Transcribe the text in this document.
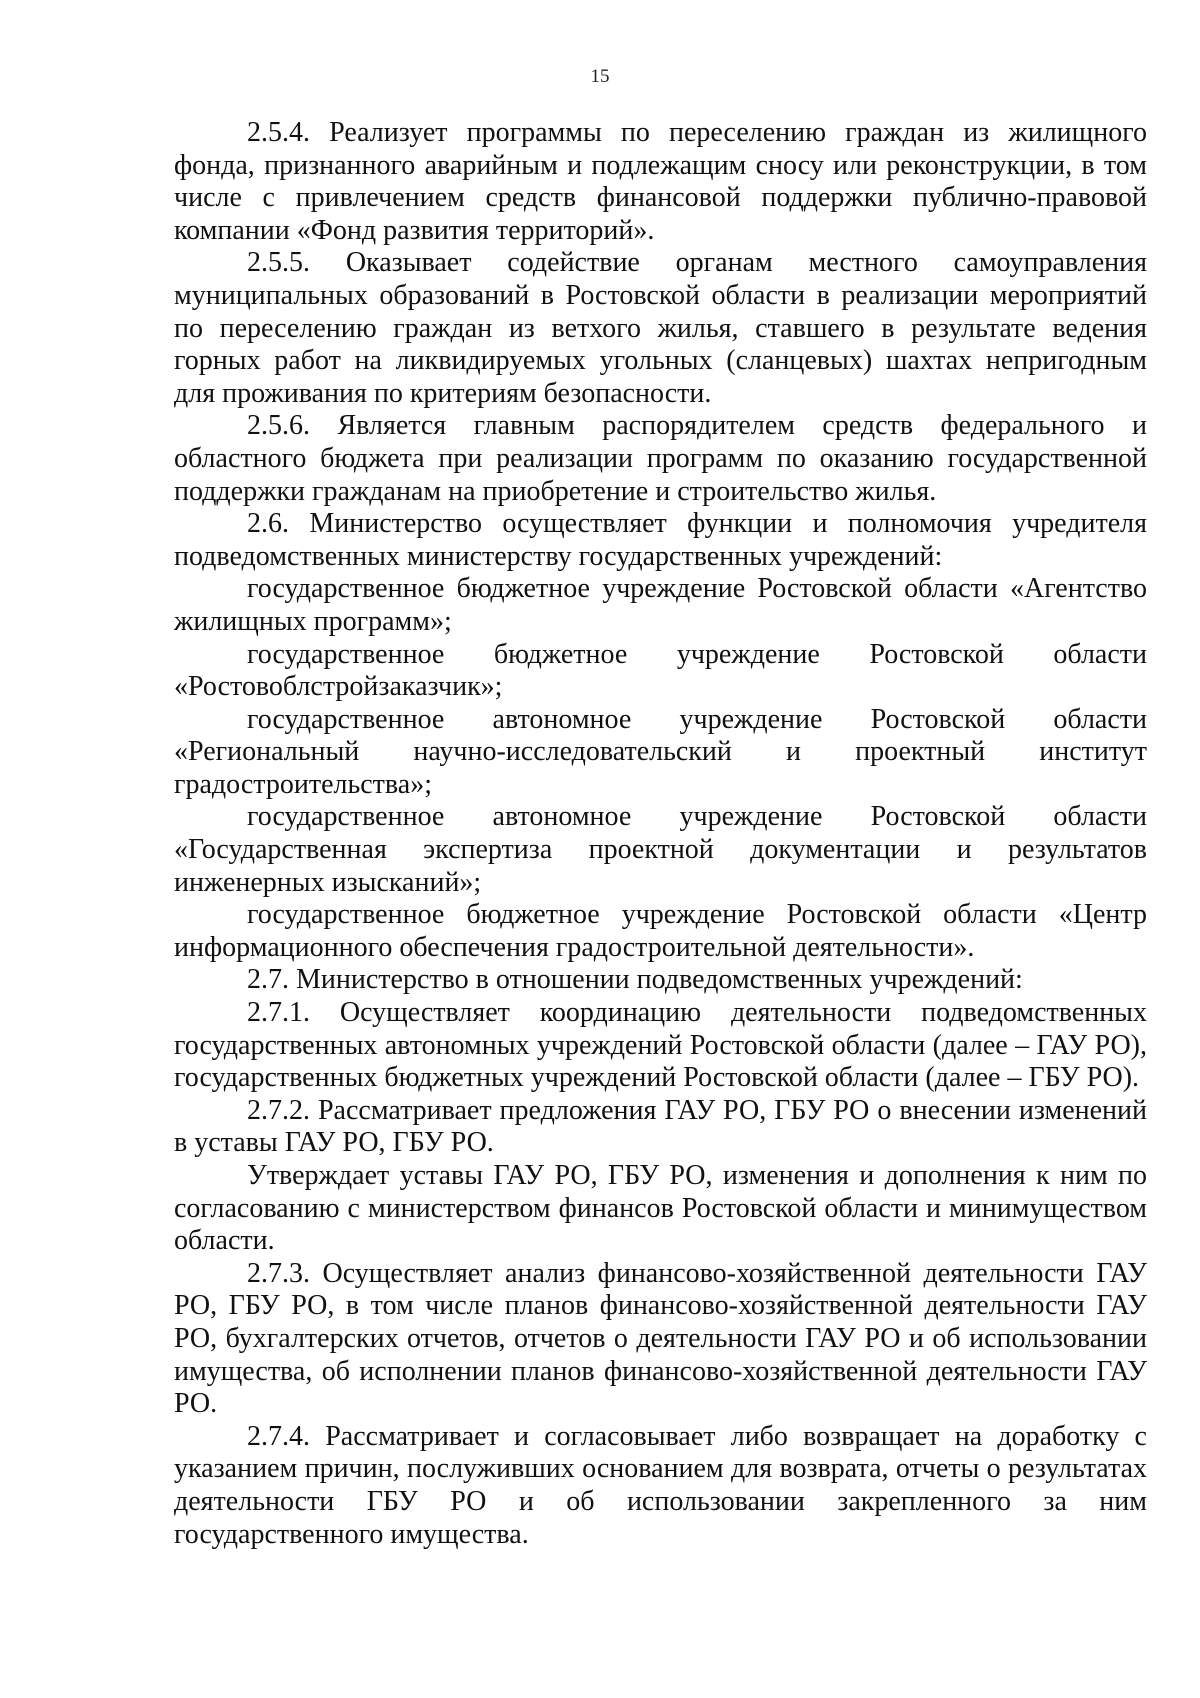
15

2.5.4. Реализует программы по переселению граждан из жилищного фонда, признанного аварийным и подлежащим сносу или реконструкции, в том числе с привлечением средств финансовой поддержки публично-правовой компании «Фонд развития территорий».

2.5.5. Оказывает содействие органам местного самоуправления муниципальных образований в Ростовской области в реализации мероприятий по переселению граждан из ветхого жилья, ставшего в результате ведения горных работ на ликвидируемых угольных (сланцевых) шахтах непригодным для проживания по критериям безопасности.

2.5.6. Является главным распорядителем средств федерального и областного бюджета при реализации программ по оказанию государственной поддержки гражданам на приобретение и строительство жилья.

2.6. Министерство осуществляет функции и полномочия учредителя подведомственных министерству государственных учреждений:

государственное бюджетное учреждение Ростовской области «Агентство жилищных программ»;

государственное бюджетное учреждение Ростовской области «Ростовоблстройзаказчик»;

государственное автономное учреждение Ростовской области «Региональный научно-исследовательский и проектный институт градостроительства»;

государственное автономное учреждение Ростовской области «Государственная экспертиза проектной документации и результатов инженерных изысканий»;

государственное бюджетное учреждение Ростовской области «Центр информационного обеспечения градостроительной деятельности».

2.7. Министерство в отношении подведомственных учреждений:

2.7.1. Осуществляет координацию деятельности подведомственных государственных автономных учреждений Ростовской области (далее – ГАУ РО), государственных бюджетных учреждений Ростовской области (далее – ГБУ РО).

2.7.2. Рассматривает предложения ГАУ РО, ГБУ РО о внесении изменений в уставы ГАУ РО, ГБУ РО.

Утверждает уставы ГАУ РО, ГБУ РО, изменения и дополнения к ним по согласованию с министерством финансов Ростовской области и минимуществом области.

2.7.3. Осуществляет анализ финансово-хозяйственной деятельности ГАУ РО, ГБУ РО, в том числе планов финансово-хозяйственной деятельности ГАУ РО, бухгалтерских отчетов, отчетов о деятельности ГАУ РО и об использовании имущества, об исполнении планов финансово-хозяйственной деятельности ГАУ РО.

2.7.4. Рассматривает и согласовывает либо возвращает на доработку с указанием причин, послуживших основанием для возврата, отчеты о результатах деятельности ГБУ РО и об использовании закрепленного за ним государственного имущества.
